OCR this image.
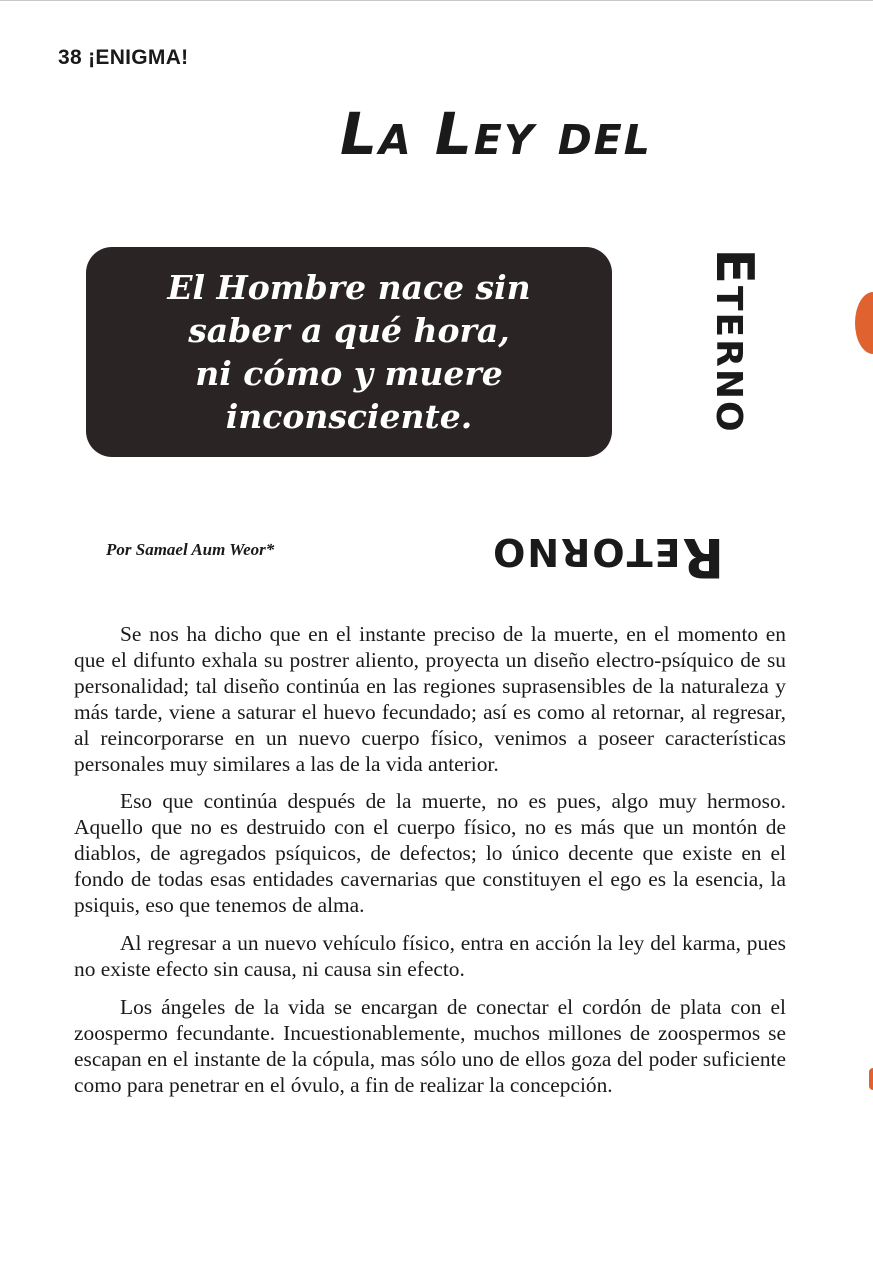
38 ¡ENIGMA!
La Ley del
Eterno
Retorno
El Hombre nace sin
saber a qué hora,
ni cómo y muere
inconsciente.
Por Samael Aum Weor*

Se nos ha dicho que en el instante preciso de la muerte, en el momento en que el difunto exhala su postrer aliento, proyecta un diseño electro-psíquico de su personalidad; tal diseño continúa en las regiones suprasensibles de la naturaleza y más tarde, viene a saturar el huevo fecundado; así es como al retornar, al regresar, al reincorporarse en un nuevo cuerpo físico, venimos a poseer características personales muy similares a las de la vida anterior.

Eso que continúa después de la muerte, no es pues, algo muy hermoso. Aquello que no es destruido con el cuerpo físico, no es más que un montón de diablos, de agregados psíquicos, de defectos; lo único decente que existe en el fondo de todas esas entidades cavernarias que constituyen el ego es la esencia, la psiquis, eso que tenemos de alma.

Al regresar a un nuevo vehículo físico, entra en acción la ley del karma, pues no existe efecto sin causa, ni causa sin efecto.

Los ángeles de la vida se encargan de conectar el cordón de plata con el zoospermo fecundante. Incuestionablemente, muchos millones de zoospermos se escapan en el instante de la cópula, mas sólo uno de ellos goza del poder suficiente como para penetrar en el óvulo, a fin de realizar la concepción.
